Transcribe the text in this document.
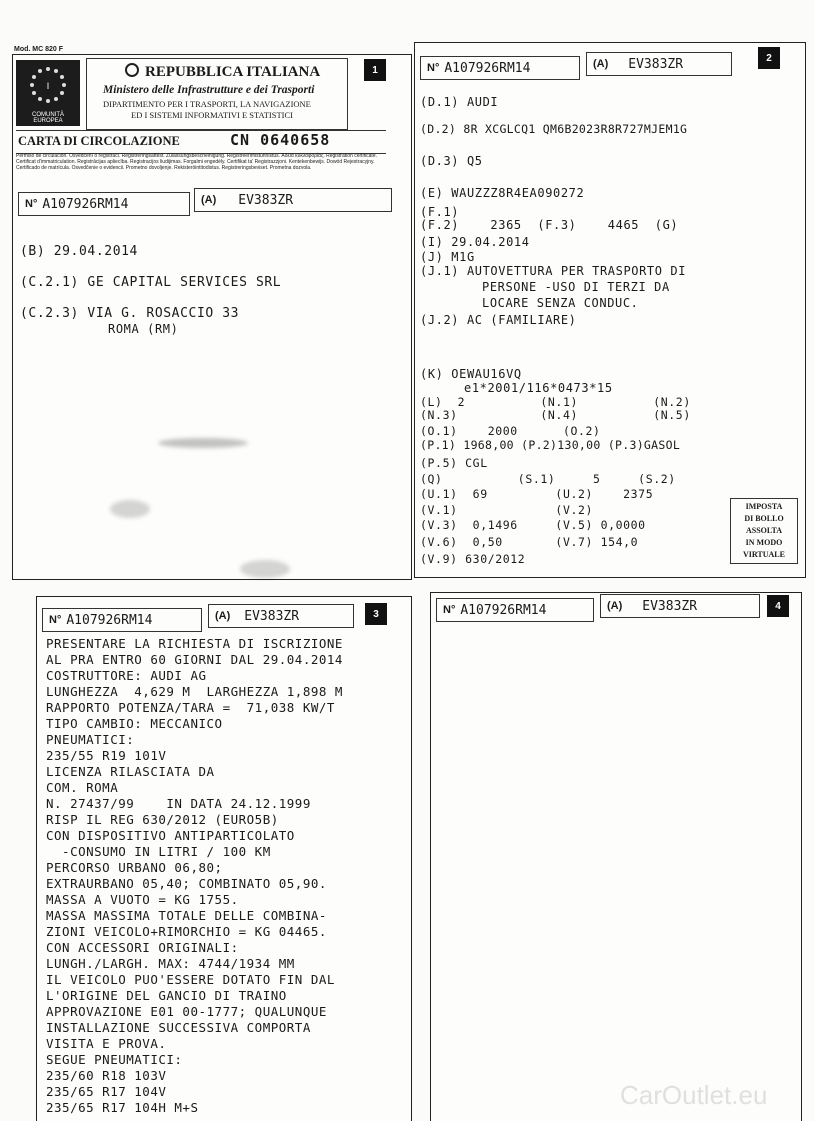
Mod. MC 820 F
1
I
COMUNITÀ EUROPEA
REPUBBLICA ITALIANA
Ministero delle Infrastrutture e dei Trasporti
DIPARTIMENTO PER I TRASPORTI, LA NAVIGAZIONE
ED I SISTEMI INFORMATIVI E STATISTICI
CARTA DI CIRCOLAZIONE	CN 0640658
Permiso de circulación. Osvědčení o registraci. Registreringsattest. Zulassungsbescheinigung. Registreerimistunnistus. Άδεια κυκλοφορίας. Registration certificate. Certificat d'immatriculation. Registrācijas apliecība. Registracijos liudijimas. Forgalmi engedély. Certifikat ta' Registrazzjoni. Kentekenbewijs. Dowód Rejestracyjny. Certificado de matrícula. Osvedčenie o evidencii. Prometno dovoljenje. Rekisteröintitodistus. Registreringsbeviset. Prometna dozvola.
N° A107926RM14	(A) EV383ZR
(B) 29.04.2014
(C.2.1) GE CAPITAL SERVICES SRL
(C.2.3) VIA G. ROSACCIO 33
ROMA (RM)
2
N° A107926RM14	(A) EV383ZR
(D.1) AUDI
(D.2) 8R XCGLCQ1 QM6B2023R8R727MJEM1G
(D.3) Q5
(E) WAUZZZ8R4EA090272
(F.1)
(F.2)    2365  (F.3)    4465  (G)
(I) 29.04.2014
(J) M1G
(J.1) AUTOVETTURA PER TRASPORTO DI
PERSONE -USO DI TERZI DA
LOCARE SENZA CONDUC.
(J.2) AC (FAMILIARE)
(K) OEWAU16VQ
e1*2001/116*0473*15
(L)  2          (N.1)          (N.2)
(N.3)           (N.4)          (N.5)
(O.1)    2000      (O.2)
(P.1) 1968,00 (P.2)130,00 (P.3)GASOL
(P.5) CGL
(Q)          (S.1)     5     (S.2)
(U.1)  69         (U.2)    2375
(V.1)             (V.2)
(V.3)  0,1496     (V.5) 0,0000
(V.6)  0,50       (V.7) 154,0
(V.9) 630/2012
IMPOSTA
DI BOLLO
ASSOLTA
IN MODO
VIRTUALE
3
N° A107926RM14	(A) EV383ZR
PRESENTARE LA RICHIESTA DI ISCRIZIONE
AL PRA ENTRO 60 GIORNI DAL 29.04.2014
COSTRUTTORE: AUDI AG
LUNGHEZZA  4,629 M  LARGHEZZA 1,898 M
RAPPORTO POTENZA/TARA =  71,038 KW/T
TIPO CAMBIO: MECCANICO
PNEUMATICI:
235/55 R19 101V
LICENZA RILASCIATA DA
COM. ROMA
N. 27437/99    IN DATA 24.12.1999
RISP IL REG 630/2012 (EURO5B)
CON DISPOSITIVO ANTIPARTICOLATO
-CONSUMO IN LITRI / 100 KM
PERCORSO URBANO 06,80;
EXTRAURBANO 05,40; COMBINATO 05,90.
MASSA A VUOTO = KG 1755.
MASSA MASSIMA TOTALE DELLE COMBINA-
ZIONI VEICOLO+RIMORCHIO = KG 04465.
CON ACCESSORI ORIGINALI:
LUNGH./LARGH. MAX: 4744/1934 MM
IL VEICOLO PUO'ESSERE DOTATO FIN DAL
L'ORIGINE DEL GANCIO DI TRAINO
APPROVAZIONE E01 00-1777; QUALUNQUE
INSTALLAZIONE SUCCESSIVA COMPORTA
VISITA E PROVA.
SEGUE PNEUMATICI:
235/60 R18 103V
235/65 R17 104V
235/65 R17 104H M+S
4
N° A107926RM14	(A) EV383ZR
CarOutlet.eu
